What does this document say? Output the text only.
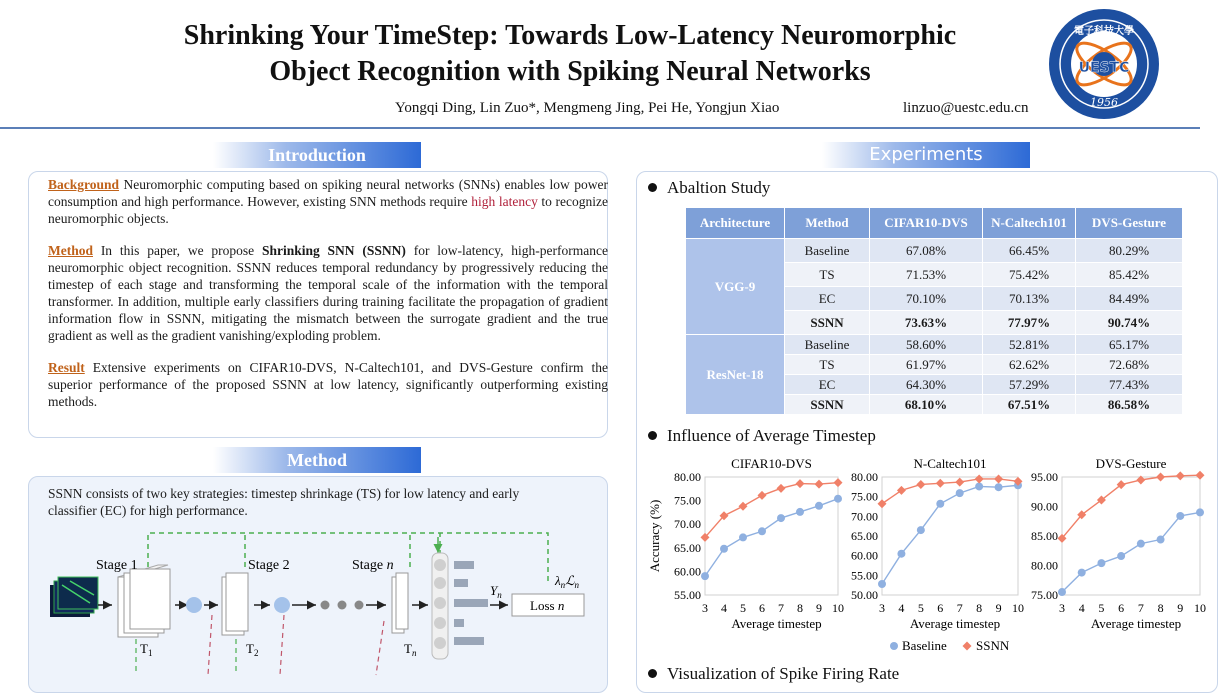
Shrinking Your TimeStep: Towards Low-Latency Neuromorphic
Object Recognition with Spiking Neural Networks
Yongqi Ding, Lin Zuo*, Mengmeng Jing, Pei He, Yongjun Xiao	linzuo@uestc.edu.cn
UESTC
電子科技大學
1956
Introduction

Background Neuromorphic computing based on spiking neural networks (SNNs) enables low power consumption and high performance. However, existing SNN methods require high latency to recognize neuromorphic objects.

Method In this paper, we propose Shrinking SNN (SSNN) for low-latency, high-performance neuromorphic object recognition. SSNN reduces temporal redundancy by progressively reducing the timestep of each stage and transforming the temporal scale of the information with the temporal transformer. In addition, multiple early classifiers during training facilitate the propagation of gradient information flow in SSNN, mitigating the mismatch between the surrogate gradient and the true gradient as well as the gradient vanishing/exploding problem.

Result Extensive experiments on CIFAR10-DVS, N-Caltech101, and DVS-Gesture confirm the superior performance of the proposed SSNN at low latency, significantly outperforming existing methods.

Method
SSNN consists of two key strategies: timestep shrinkage (TS) for low latency and early classifier (EC) for high performance.
Stage 1
$T_1$
Stage 2
$T_2$
Stage n
$T_n$
$Y_n$
Loss n
$\lambda_nℒ_n$
Experiments
Abaltion Study
Architecture	Method	CIFAR10-DVS	N-Caltech101	DVS-Gesture
VGG-9	Baseline	67.08%	66.45%	80.29%
	TS	71.53%	75.42%	85.42%
	EC	70.10%	70.13%	84.49%
	SSNN	73.63%	77.97%	90.74%
ResNet-18	Baseline	58.60%	52.81%	65.17%
	TS	61.97%	62.62%	72.68%
	EC	64.30%	57.29%	77.43%
	SSNN	68.10%	67.51%	86.58%
Influence of Average Timestep
55.00
60.00
65.00
70.00
75.00
80.00
3 4 5 6 7 8 9 10
CIFAR10-DVS
Average timestep
Accuracy (%)
50.00
55.00
60.00
65.00
70.00
75.00
80.00
3 4 5 6 7 8 9 10
N-Caltech101
Average timestep
75.00
80.00
85.00
90.00
95.00
3 4 5 6 7 8 9 10
DVS-Gesture
Average timestep
Baseline SSNN
Visualization of Spike Firing Rate
